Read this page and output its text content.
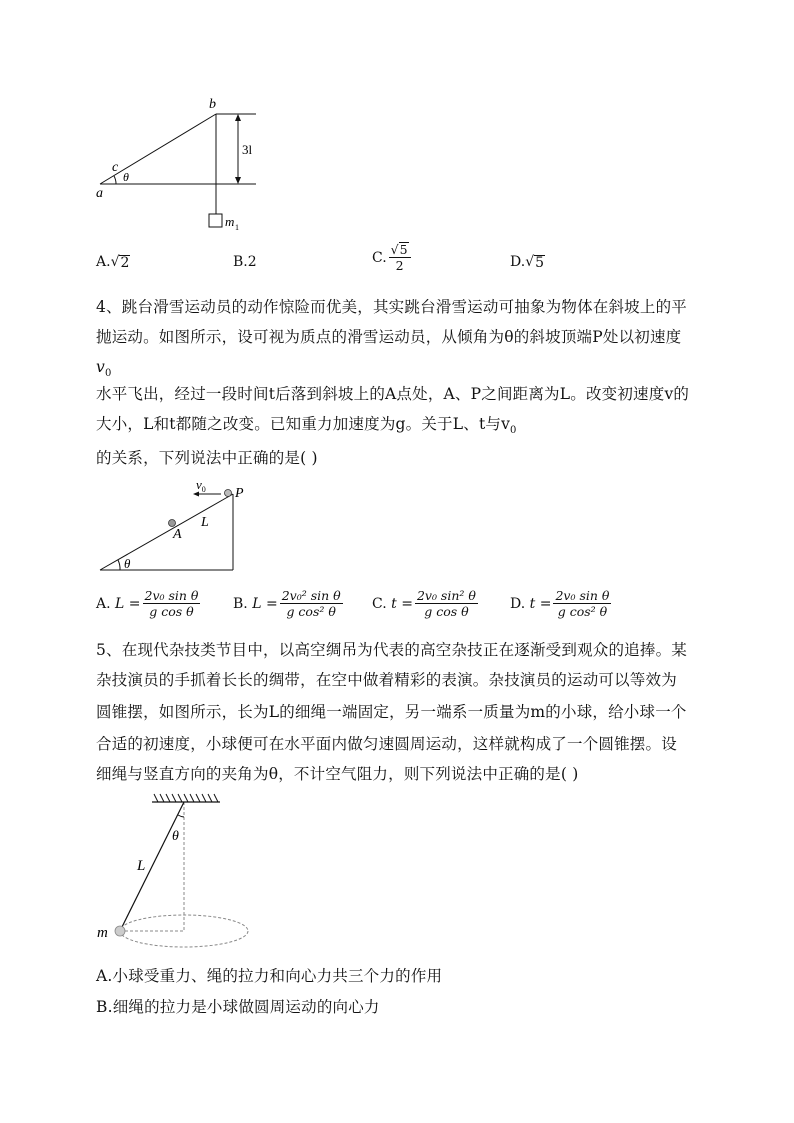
b
c
a
θ
3l
m 1
A. √ 2	B. 2	C. $\frac{√ 5}{2}$	D. √ 5
4、跳台滑雪运动员的动作惊险而优美，其实跳台滑雪运动可抽象为物体在斜坡上的平
抛运动。如图所示，设可视为质点的滑雪运动员，从倾角为θ的斜坡顶端P处以初速度
$v_0$
水平飞出，经过一段时间t后落到斜坡上的A点处，A、P之间距离为L。改变初速度v的
大小，L和t都随之改变。已知重力加速度为g。关于L、t与$v_0$
的关系，下列说法中正确的是( )
$v_0$ P
A
L
θ
A.
$L = \frac{\text{2v₀ sin θ}}{\text{g cos θ}} B$.
$L = \frac{\text{2v₀² sin θ}}{\text{g cos² θ}} C$.
$t = \frac{\text{2v₀ sin² θ}}{\text{g cos θ}} D$.
$t = \frac{\text{2v₀ sin θ}}{\text{g cos² θ}}$
5、在现代杂技类节目中，以高空绸吊为代表的高空杂技正在逐渐受到观众的追捧。某
杂技演员的手抓着长长的绸带，在空中做着精彩的表演。杂技演员的运动可以等效为
圆锥摆，如图所示，长为L的细绳一端固定，另一端系一质量为m的小球，给小球一个
合适的初速度，小球便可在水平面内做匀速圆周运动，这样就构成了一个圆锥摆。设
细绳与竖直方向的夹角为θ，不计空气阻力，则下列说法中正确的是( )
θ
L
m
A.小球受重力、绳的拉力和向心力共三个力的作用
B.细绳的拉力是小球做圆周运动的向心力
